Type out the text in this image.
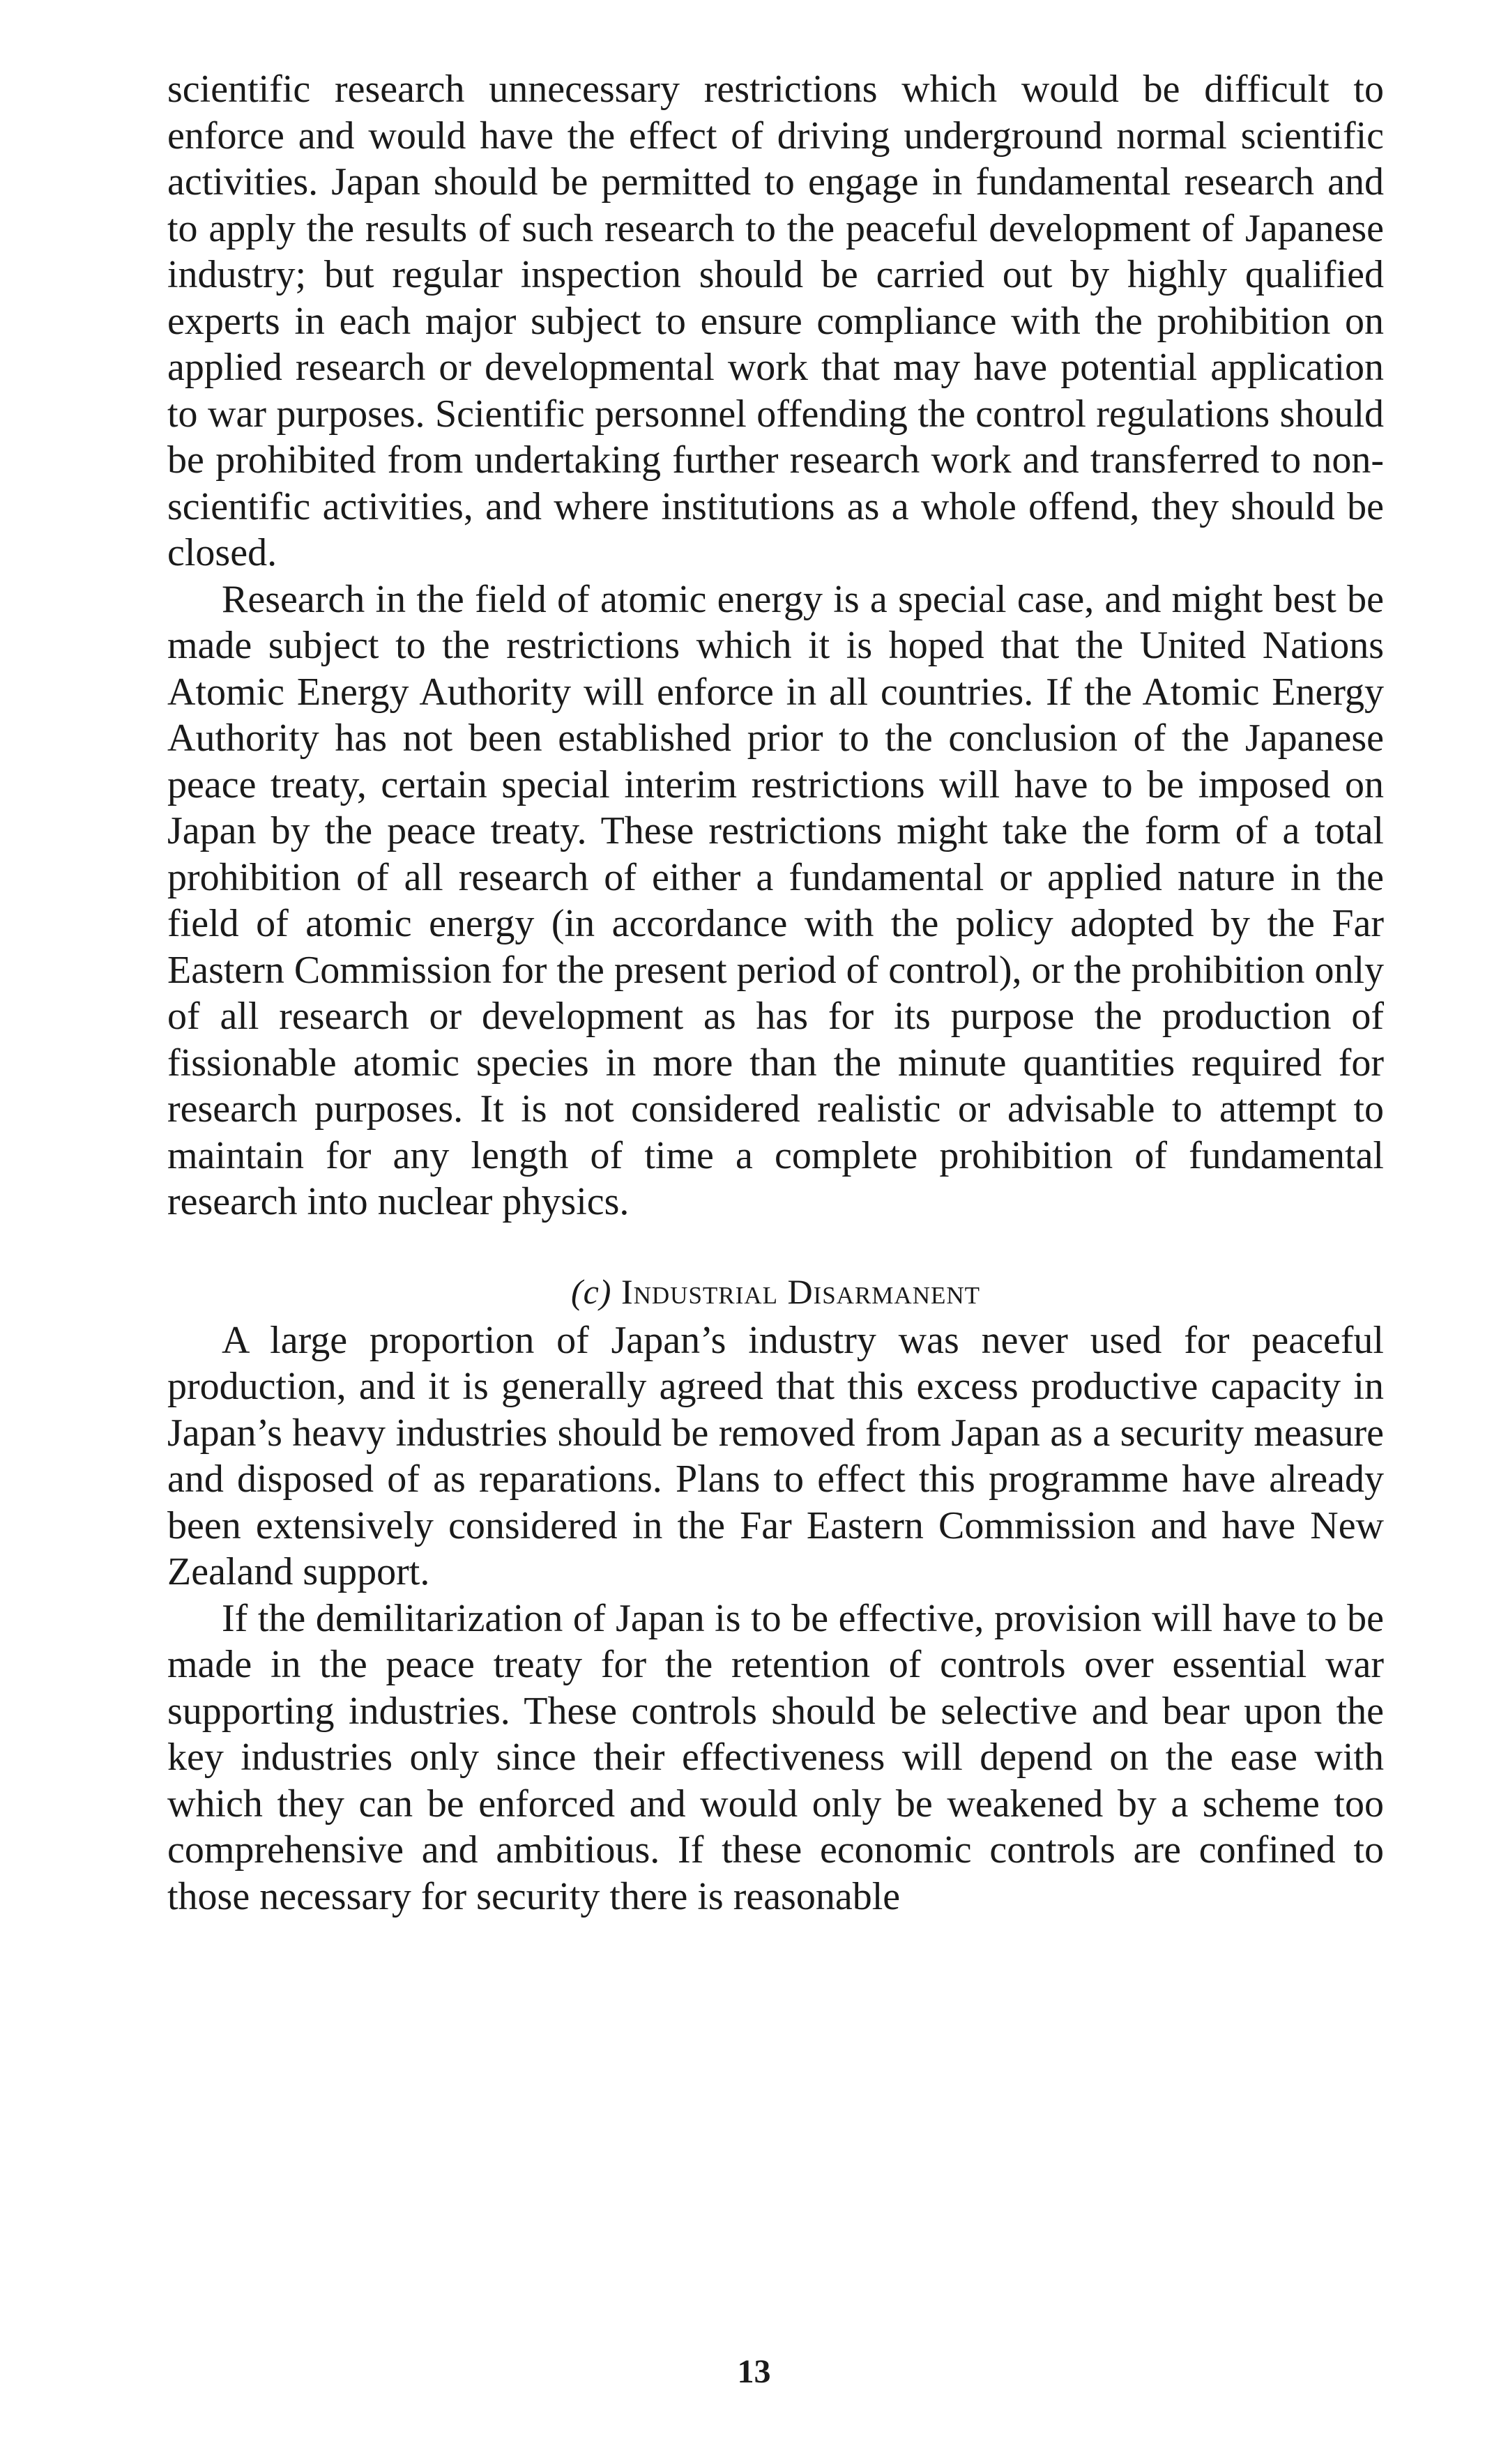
scientific research unnecessary restrictions which would be difficult to enforce and would have the effect of driving underground normal scientific activities. Japan should be permitted to engage in fundamental research and to apply the results of such research to the peaceful development of Japanese industry; but regular inspection should be carried out by highly qualified experts in each major subject to ensure compliance with the prohibition on applied research or developmental work that may have potential application to war purposes. Scientific personnel offending the control regulations should be prohibited from undertaking further research work and transferred to non-scientific activities, and where institutions as a whole offend, they should be closed.

Research in the field of atomic energy is a special case, and might best be made subject to the restrictions which it is hoped that the United Nations Atomic Energy Authority will enforce in all countries. If the Atomic Energy Authority has not been established prior to the conclusion of the Japanese peace treaty, certain special interim restrictions will have to be imposed on Japan by the peace treaty. These restrictions might take the form of a total prohibition of all research of either a fundamental or applied nature in the field of atomic energy (in accordance with the policy adopted by the Far Eastern Commission for the present period of control), or the prohibition only of all research or development as has for its purpose the production of fissionable atomic species in more than the minute quantities required for research purposes. It is not considered realistic or advisable to attempt to maintain for any length of time a complete prohibition of fundamental research into nuclear physics.

(c) Industrial Disarmanent

A large proportion of Japan’s industry was never used for peaceful production, and it is generally agreed that this excess productive capacity in Japan’s heavy industries should be removed from Japan as a security measure and disposed of as reparations. Plans to effect this programme have already been extensively considered in the Far Eastern Commission and have New Zealand support.

If the demilitarization of Japan is to be effective, provision will have to be made in the peace treaty for the retention of controls over essential war supporting industries. These controls should be selective and bear upon the key industries only since their effectiveness will depend on the ease with which they can be enforced and would only be weakened by a scheme too comprehensive and ambitious. If these economic controls are confined to those necessary for security there is reasonable

13
